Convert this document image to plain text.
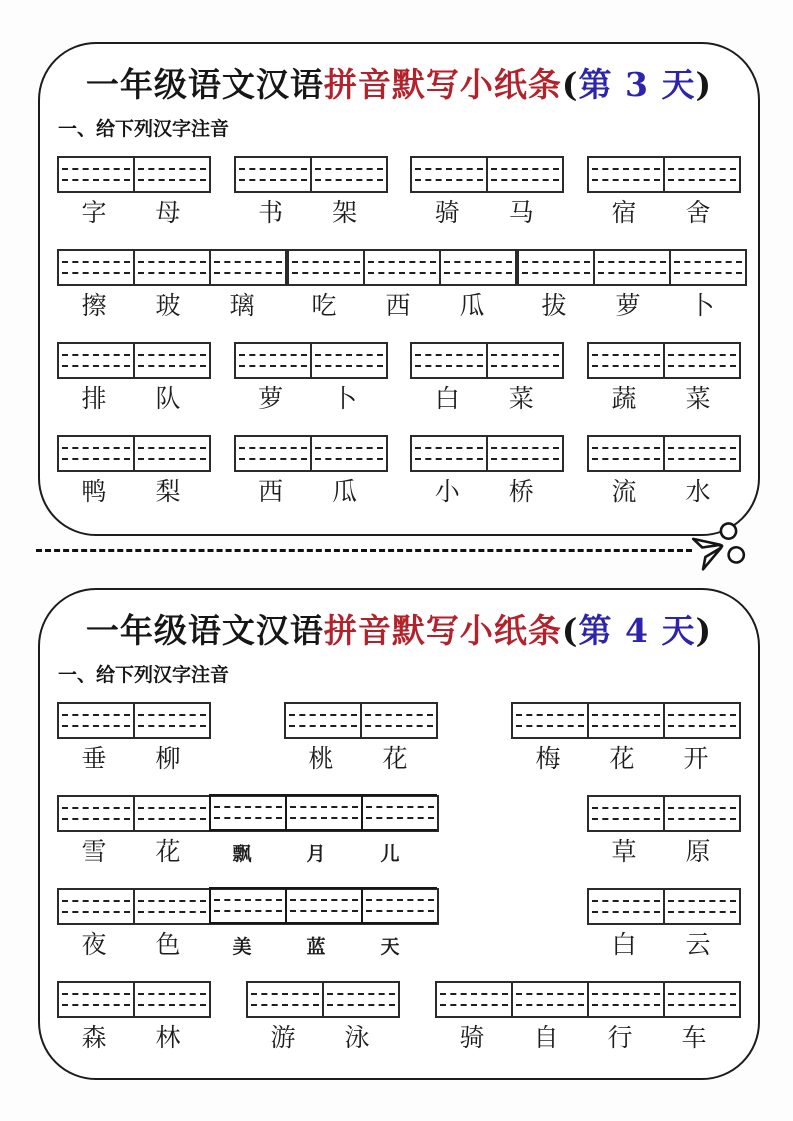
一年级语文汉语拼音默写小纸条(第 3 天)
一、给下列汉字注音
字	母	书	架	骑	马	宿	舍
擦	玻	璃	吃	西	瓜	拔	萝	卜
排	队	萝	卜	白	菜	蔬	菜
鸭	梨	西	瓜	小	桥	流	水
一年级语文汉语拼音默写小纸条(第 4 天)
一、给下列汉字注音
垂	柳	桃	花	梅	花	开
雪	花	飘	月	儿	草	原
夜	色	美	蓝	天	白	云
森	林	游	泳	骑	自	行	车
